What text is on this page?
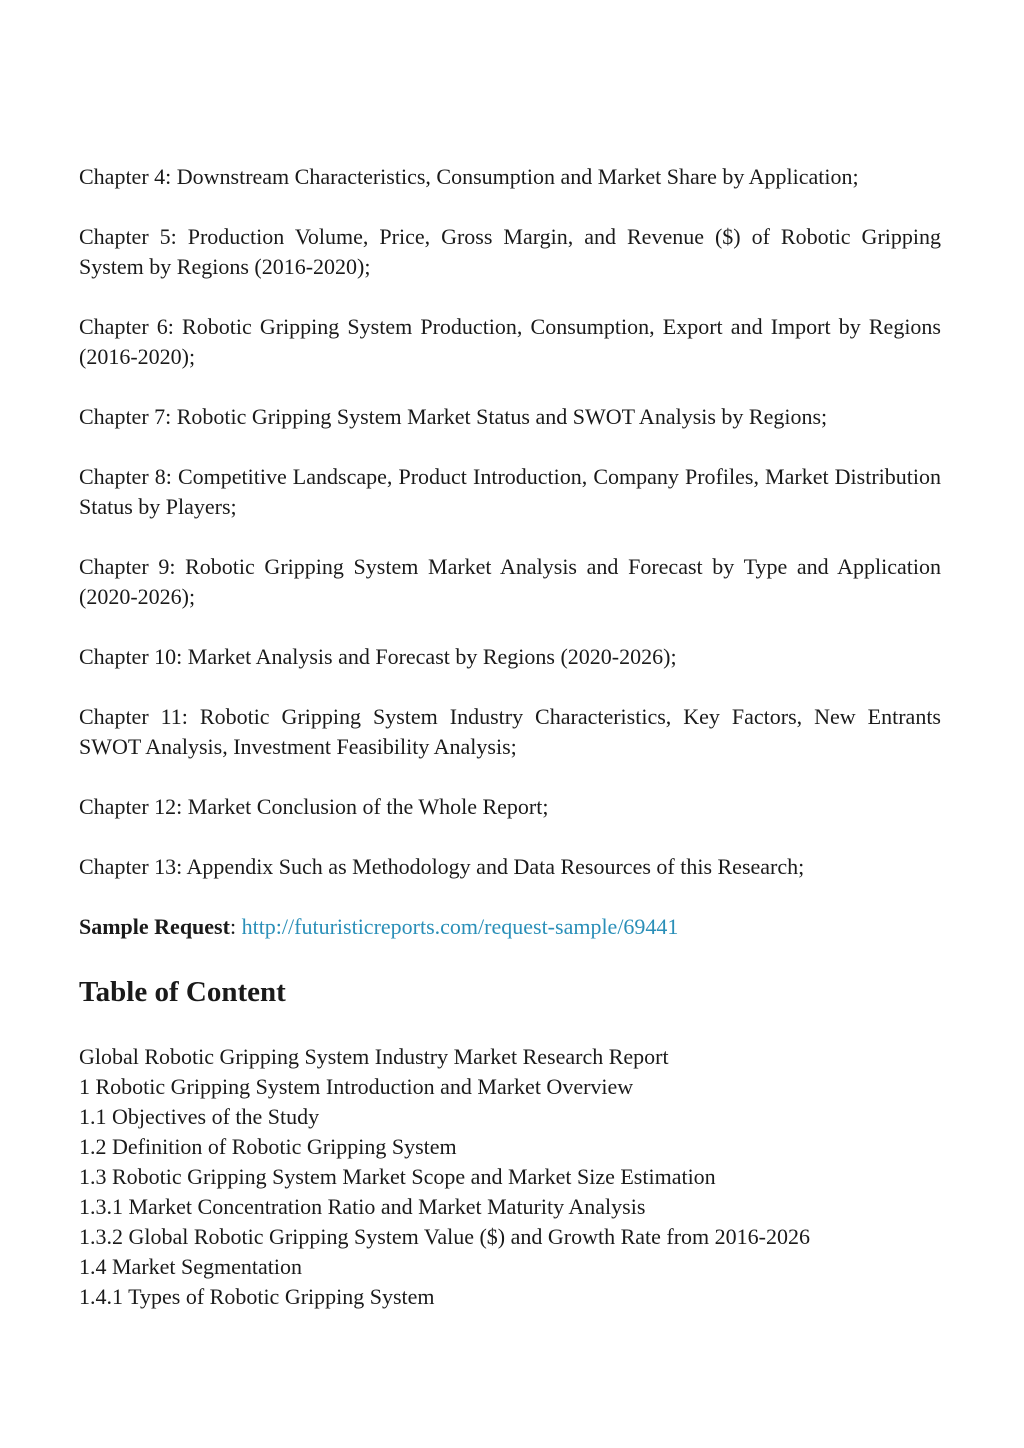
Chapter 4: Downstream Characteristics, Consumption and Market Share by Application;

Chapter 5: Production Volume, Price, Gross Margin, and Revenue ($) of Robotic Gripping System by Regions (2016-2020);

Chapter 6: Robotic Gripping System Production, Consumption, Export and Import by Regions (2016-2020);

Chapter 7: Robotic Gripping System Market Status and SWOT Analysis by Regions;

Chapter 8: Competitive Landscape, Product Introduction, Company Profiles, Market Distribution Status by Players;

Chapter 9: Robotic Gripping System Market Analysis and Forecast by Type and Application (2020-2026);

Chapter 10: Market Analysis and Forecast by Regions (2020-2026);

Chapter 11: Robotic Gripping System Industry Characteristics, Key Factors, New Entrants SWOT Analysis, Investment Feasibility Analysis;

Chapter 12: Market Conclusion of the Whole Report;

Chapter 13: Appendix Such as Methodology and Data Resources of this Research;

Sample Request: http://futuristicreports.com/request-sample/69441

Table of Content
Global Robotic Gripping System Industry Market Research Report
1 Robotic Gripping System Introduction and Market Overview
1.1 Objectives of the Study
1.2 Definition of Robotic Gripping System
1.3 Robotic Gripping System Market Scope and Market Size Estimation
1.3.1 Market Concentration Ratio and Market Maturity Analysis
1.3.2 Global Robotic Gripping System Value ($) and Growth Rate from 2016-2026
1.4 Market Segmentation
1.4.1 Types of Robotic Gripping System
